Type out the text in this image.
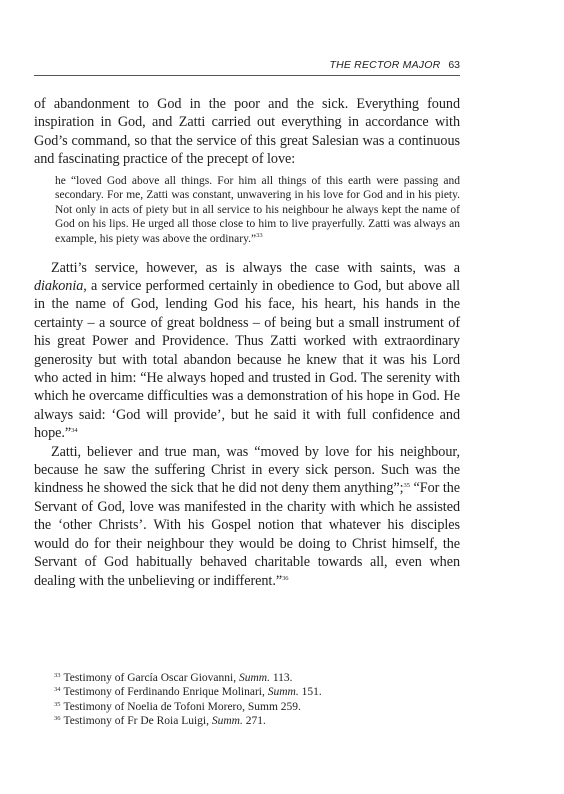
THE RECTOR MAJOR 63

of abandonment to God in the poor and the sick. Everything found inspiration in God, and Zatti carried out everything in accordance with God’s command, so that the service of this great Salesian was a continuous and fascinating practice of the precept of love:

he “loved God above all things. For him all things of this earth were passing and secondary. For me, Zatti was constant, unwavering in his love for God and in his piety. Not only in acts of piety but in all service to his neighbour he always kept the name of God on his lips. He urged all those close to him to live prayerfully. Zatti was always an example, his piety was above the ordinary.”$^{33}$

Zatti’s service, however, as is always the case with saints, was a diakonia, a service performed certainly in obedience to God, but above all in the name of God, lending God his face, his heart, his hands in the certainty – a source of great boldness – of being but a small instrument of his great Power and Providence. Thus Zatti worked with extraordinary generosity but with total abandon because he knew that it was his Lord who acted in him: “He always hoped and trusted in God. The serenity with which he overcame difficulties was a demonstration of his hope in God. He always said: ‘God will provide’, but he said it with full confidence and hope.”$^{34}$

Zatti, believer and true man, was “moved by love for his neighbour, because he saw the suffering Christ in every sick person. Such was the kindness he showed the sick that he did not deny them anything”;$^{35}$ “For the Servant of God, love was manifested in the charity with which he assisted the ‘other Christs’. With his Gospel notion that whatever his disciples would do for their neighbour they would be doing to Christ himself, the Servant of God habitually behaved charitable towards all, even when dealing with the unbelieving or indifferent.”$^{36}$

$^{33}$ Testimony of García Oscar Giovanni, Summ. 113.

$^{34}$ Testimony of Ferdinando Enrique Molinari, Summ. 151.

$^{35}$ Testimony of Noelia de Tofoni Morero, Summ 259.

$^{36}$ Testimony of Fr De Roia Luigi, Summ. 271.
